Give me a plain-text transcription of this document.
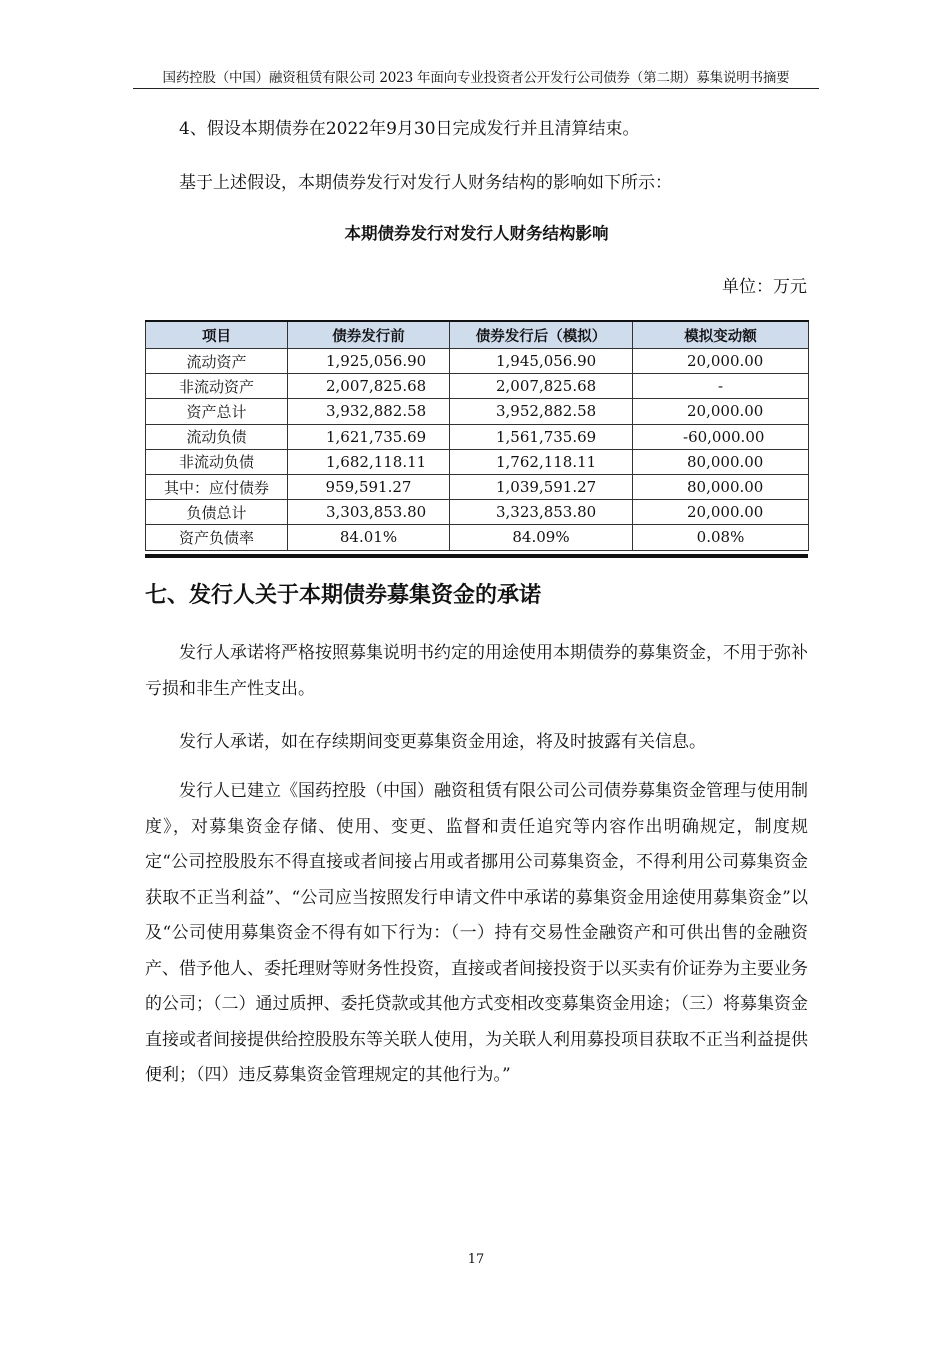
国药控股（中国）融资租赁有限公司 2023 年面向专业投资者公开发行公司债券（第二期）募集说明书摘要
4、假设本期债券在2022年9月30日完成发行并且清算结束。
基于上述假设，本期债券发行对发行人财务结构的影响如下所示：
本期债券发行对发行人财务结构影响
单位：万元
项目	债券发行前	债券发行后（模拟）	模拟变动额
流动资产	1,925,056.90	1,945,056.90	20,000.00
非流动资产	2,007,825.68	2,007,825.68	-
资产总计	3,932,882.58	3,952,882.58	20,000.00
流动负债	1,621,735.69	1,561,735.69	-60,000.00
非流动负债	1,682,118.11	1,762,118.11	80,000.00
其中：应付债券	959,591.27	1,039,591.27	80,000.00
负债总计	3,303,853.80	3,323,853.80	20,000.00
资产负债率	84.01%	84.09%	0.08%
七、发行人关于本期债券募集资金的承诺
发行人承诺将严格按照募集说明书约定的用途使用本期债券的募集资金，不用于弥补亏损和非生产性支出。
发行人承诺，如在存续期间变更募集资金用途，将及时披露有关信息。
发行人已建立《国药控股（中国）融资租赁有限公司公司债券募集资金管理与使用制度》，对募集资金存储、使用、变更、监督和责任追究等内容作出明确规定，制度规定“公司控股股东不得直接或者间接占用或者挪用公司募集资金，不得利用公司募集资金获取不正当利益”、“公司应当按照发行申请文件中承诺的募集资金用途使用募集资金”以及“公司使用募集资金不得有如下行为：（一）持有交易性金融资产和可供出售的金融资产、借予他人、委托理财等财务性投资，直接或者间接投资于以买卖有价证券为主要业务的公司；（二）通过质押、委托贷款或其他方式变相改变募集资金用途；（三）将募集资金直接或者间接提供给控股股东等关联人使用，为关联人利用募投项目获取不正当利益提供便利；（四）违反募集资金管理规定的其他行为。”
17
